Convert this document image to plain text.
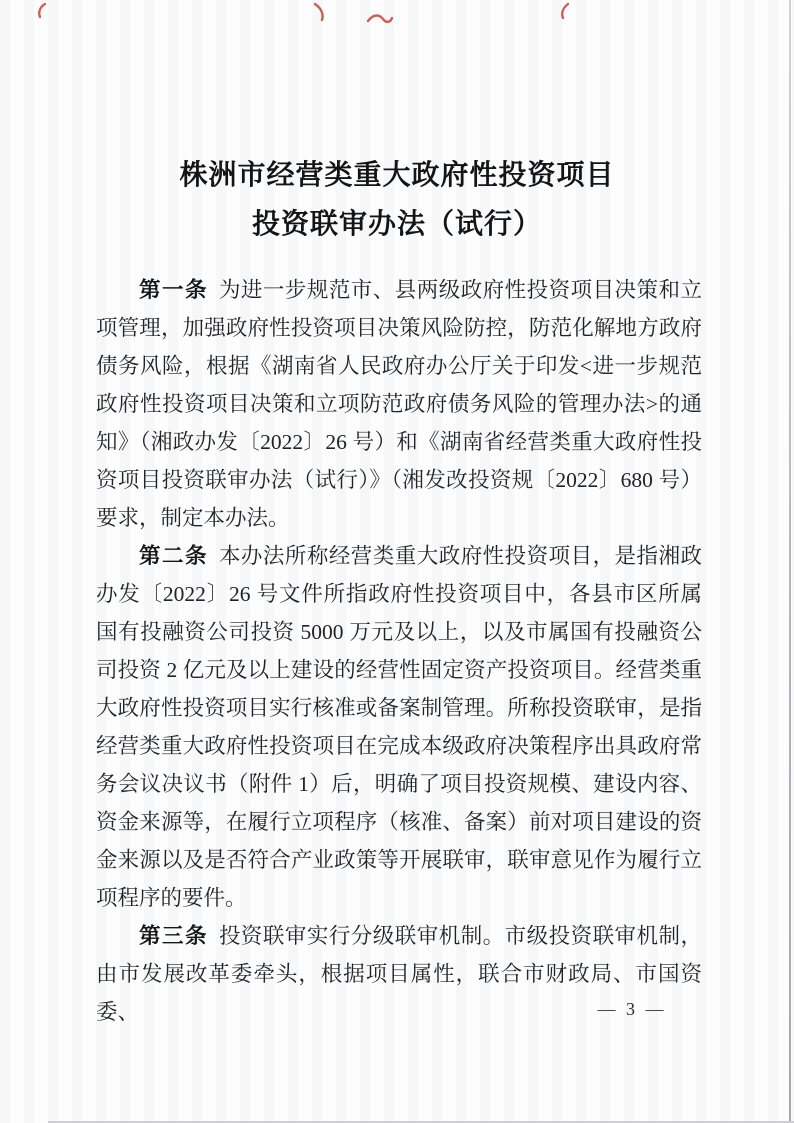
株洲市经营类重大政府性投资项目
投资联审办法（试行）

第一条 为进一步规范市、县两级政府性投资项目决策和立项管理，加强政府性投资项目决策风险防控，防范化解地方政府债务风险，根据《湖南省人民政府办公厅关于印发<进一步规范政府性投资项目决策和立项防范政府债务风险的管理办法>的通知》（湘政办发〔2022〕26 号）和《湖南省经营类重大政府性投资项目投资联审办法（试行）》（湘发改投资规〔2022〕680 号）要求，制定本办法。

第二条 本办法所称经营类重大政府性投资项目，是指湘政办发〔2022〕26 号文件所指政府性投资项目中，各县市区所属国有投融资公司投资 5000 万元及以上，以及市属国有投融资公司投资 2 亿元及以上建设的经营性固定资产投资项目。经营类重大政府性投资项目实行核准或备案制管理。所称投资联审，是指经营类重大政府性投资项目在完成本级政府决策程序出具政府常务会议决议书（附件 1）后，明确了项目投资规模、建设内容、资金来源等，在履行立项程序（核准、备案）前对项目建设的资金来源以及是否符合产业政策等开展联审，联审意见作为履行立项程序的要件。

第三条 投资联审实行分级联审机制。市级投资联审机制，由市发展改革委牵头，根据项目属性，联合市财政局、市国资委、	— 3 —
